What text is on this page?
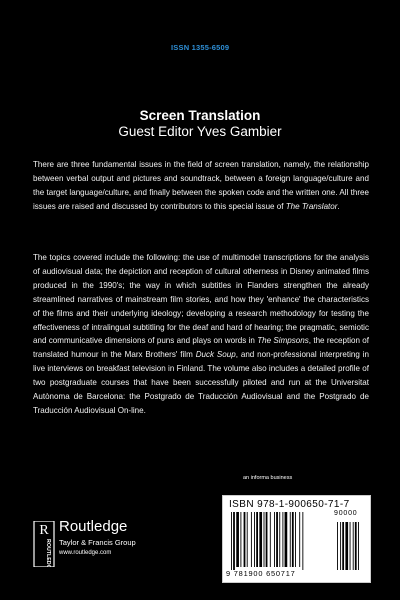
ISSN 1355-6509
Screen Translation
Guest Editor Yves Gambier

There are three fundamental issues in the field of screen translation, namely, the relationship between verbal output and pictures and soundtrack, between a foreign language/culture and the target language/culture, and finally between the spoken code and the written one. All three issues are raised and discussed by contributors to this special issue of The Translator.

The topics covered include the following: the use of multimodel transcriptions for the analysis of audiovisual data; the depiction and reception of cultural otherness in Disney animated films produced in the 1990's; the way in which subtitles in Flanders strengthen the already streamlined narratives of mainstream film stories, and how they 'enhance' the characteristics of the films and their underlying ideology; developing a research methodology for testing the effectiveness of intralingual subtitling for the deaf and hard of hearing; the pragmatic, semiotic and communicative dimensions of puns and plays on words in The Simpsons, the reception of translated humour in the Marx Brothers' film Duck Soup, and non-professional interpreting in live interviews on breakfast television in Finland. The volume also includes a detailed profile of two postgraduate courses that have been successfully piloted and run at the Universitat Autònoma de Barcelona: the Postgrado de Traducción Audiovisual and the Postgrado de Traducción Audiovisual On-line.

an informa business
ISBN 978-1-900650-71-7
90000
9 781900 650717
R
ROUTLEDGE
Routledge
Taylor & Francis Group
www.routledge.com
